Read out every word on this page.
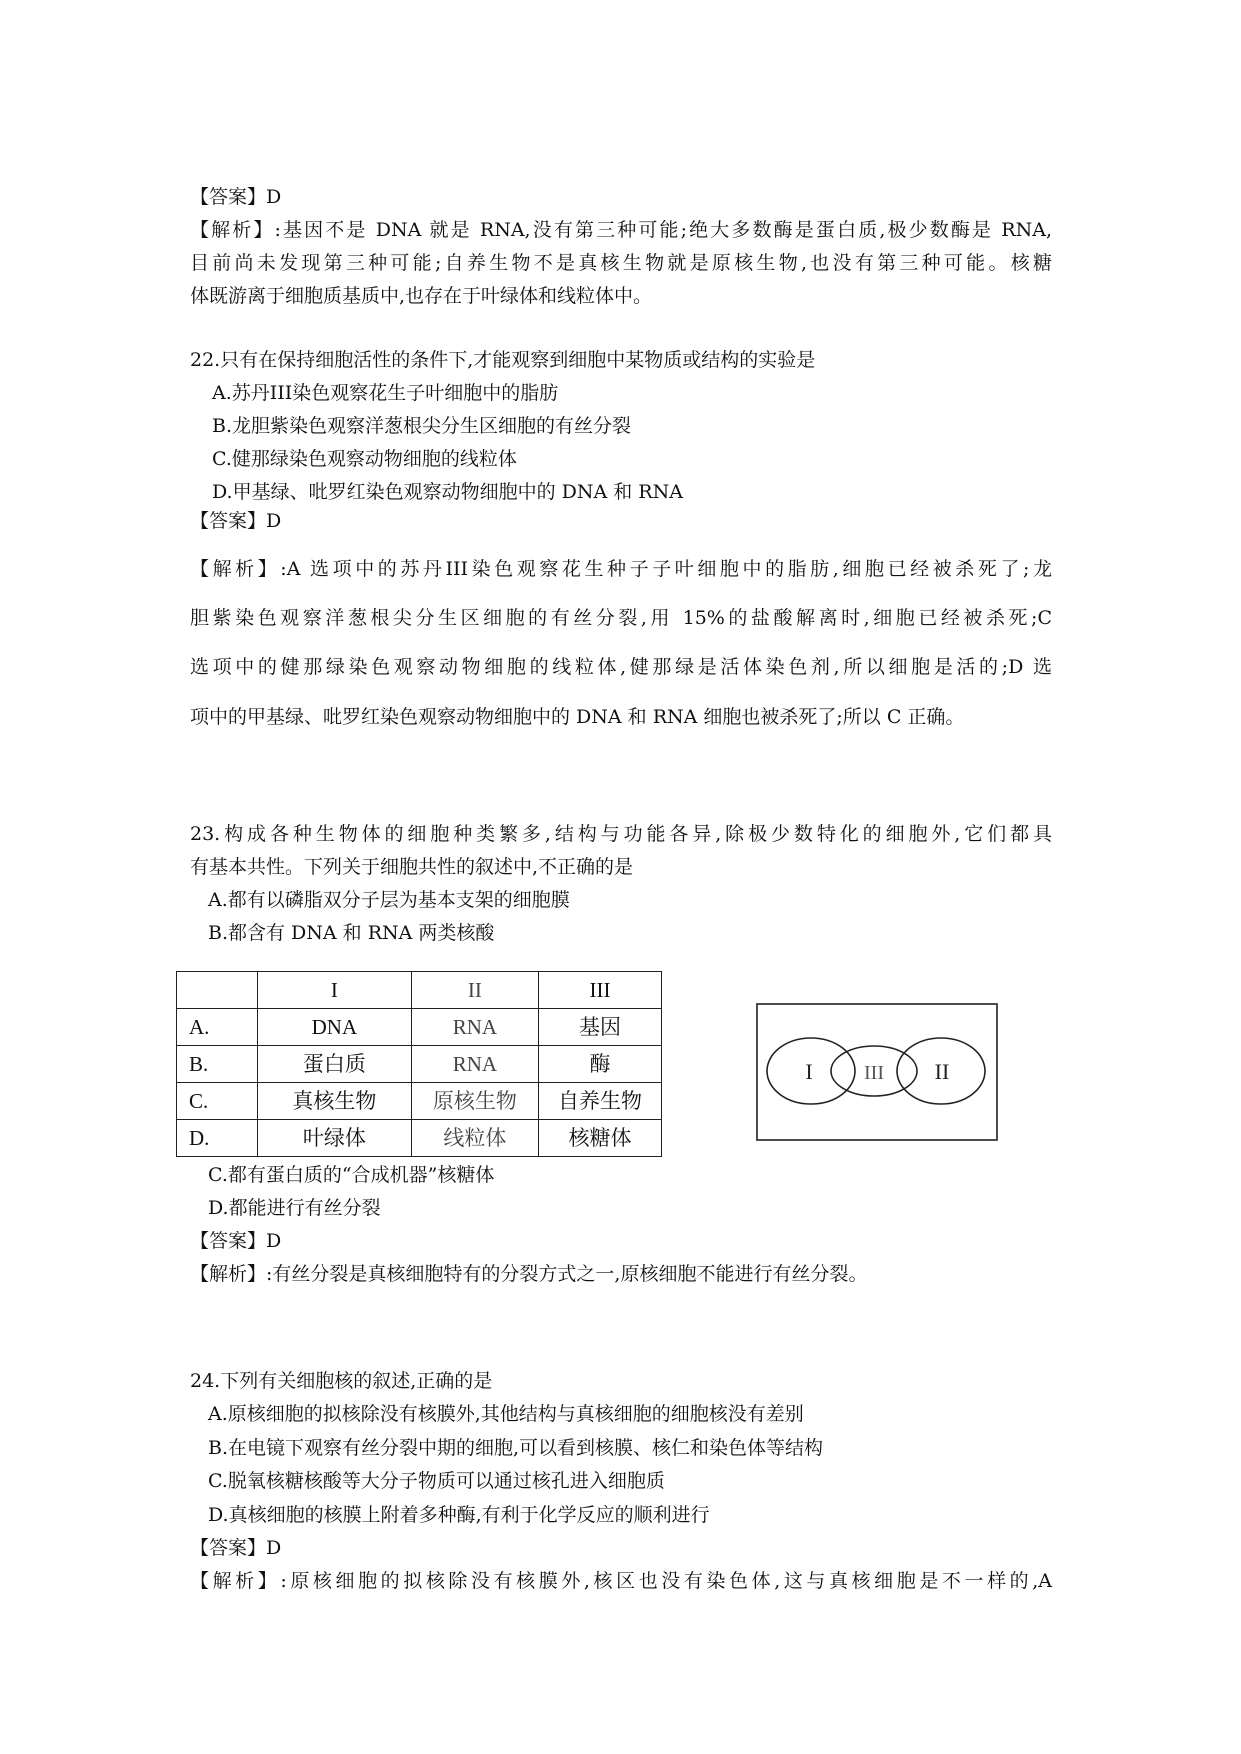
【答案】D
【解析】:基因不是 DNA 就是 RNA,没有第三种可能;绝大多数酶是蛋白质,极少数酶是 RNA,
目前尚未发现第三种可能;自养生物不是真核生物就是原核生物,也没有第三种可能。核糖
体既游离于细胞质基质中,也存在于叶绿体和线粒体中。
22.只有在保持细胞活性的条件下,才能观察到细胞中某物质或结构的实验是
A.苏丹III染色观察花生子叶细胞中的脂肪
B.龙胆紫染色观察洋葱根尖分生区细胞的有丝分裂
C.健那绿染色观察动物细胞的线粒体
D.甲基绿、吡罗红染色观察动物细胞中的 DNA 和 RNA
【答案】D
【解析】:A 选项中的苏丹III染色观察花生种子子叶细胞中的脂肪,细胞已经被杀死了;龙
胆紫染色观察洋葱根尖分生区细胞的有丝分裂,用 15%的盐酸解离时,细胞已经被杀死;C
选项中的健那绿染色观察动物细胞的线粒体,健那绿是活体染色剂,所以细胞是活的;D 选
项中的甲基绿、吡罗红染色观察动物细胞中的 DNA 和 RNA 细胞也被杀死了;所以 C 正确。
23.构成各种生物体的细胞种类繁多,结构与功能各异,除极少数特化的细胞外,它们都具
有基本共性。下列关于细胞共性的叙述中,不正确的是
A.都有以磷脂双分子层为基本支架的细胞膜
B.都含有 DNA 和 RNA 两类核酸
	I	II	III
A.	DNA	RNA	基因
B.	蛋白质	RNA	酶
C.	真核生物	原核生物	自养生物
D.	叶绿体	线粒体	核糖体
I	III II
C.都有蛋白质的“合成机器”核糖体
D.都能进行有丝分裂
【答案】D
【解析】:有丝分裂是真核细胞特有的分裂方式之一,原核细胞不能进行有丝分裂。
24.下列有关细胞核的叙述,正确的是
A.原核细胞的拟核除没有核膜外,其他结构与真核细胞的细胞核没有差别
B.在电镜下观察有丝分裂中期的细胞,可以看到核膜、核仁和染色体等结构
C.脱氧核糖核酸等大分子物质可以通过核孔进入细胞质
D.真核细胞的核膜上附着多种酶,有利于化学反应的顺利进行
【答案】D
【解析】:原核细胞的拟核除没有核膜外,核区也没有染色体,这与真核细胞是不一样的,A
